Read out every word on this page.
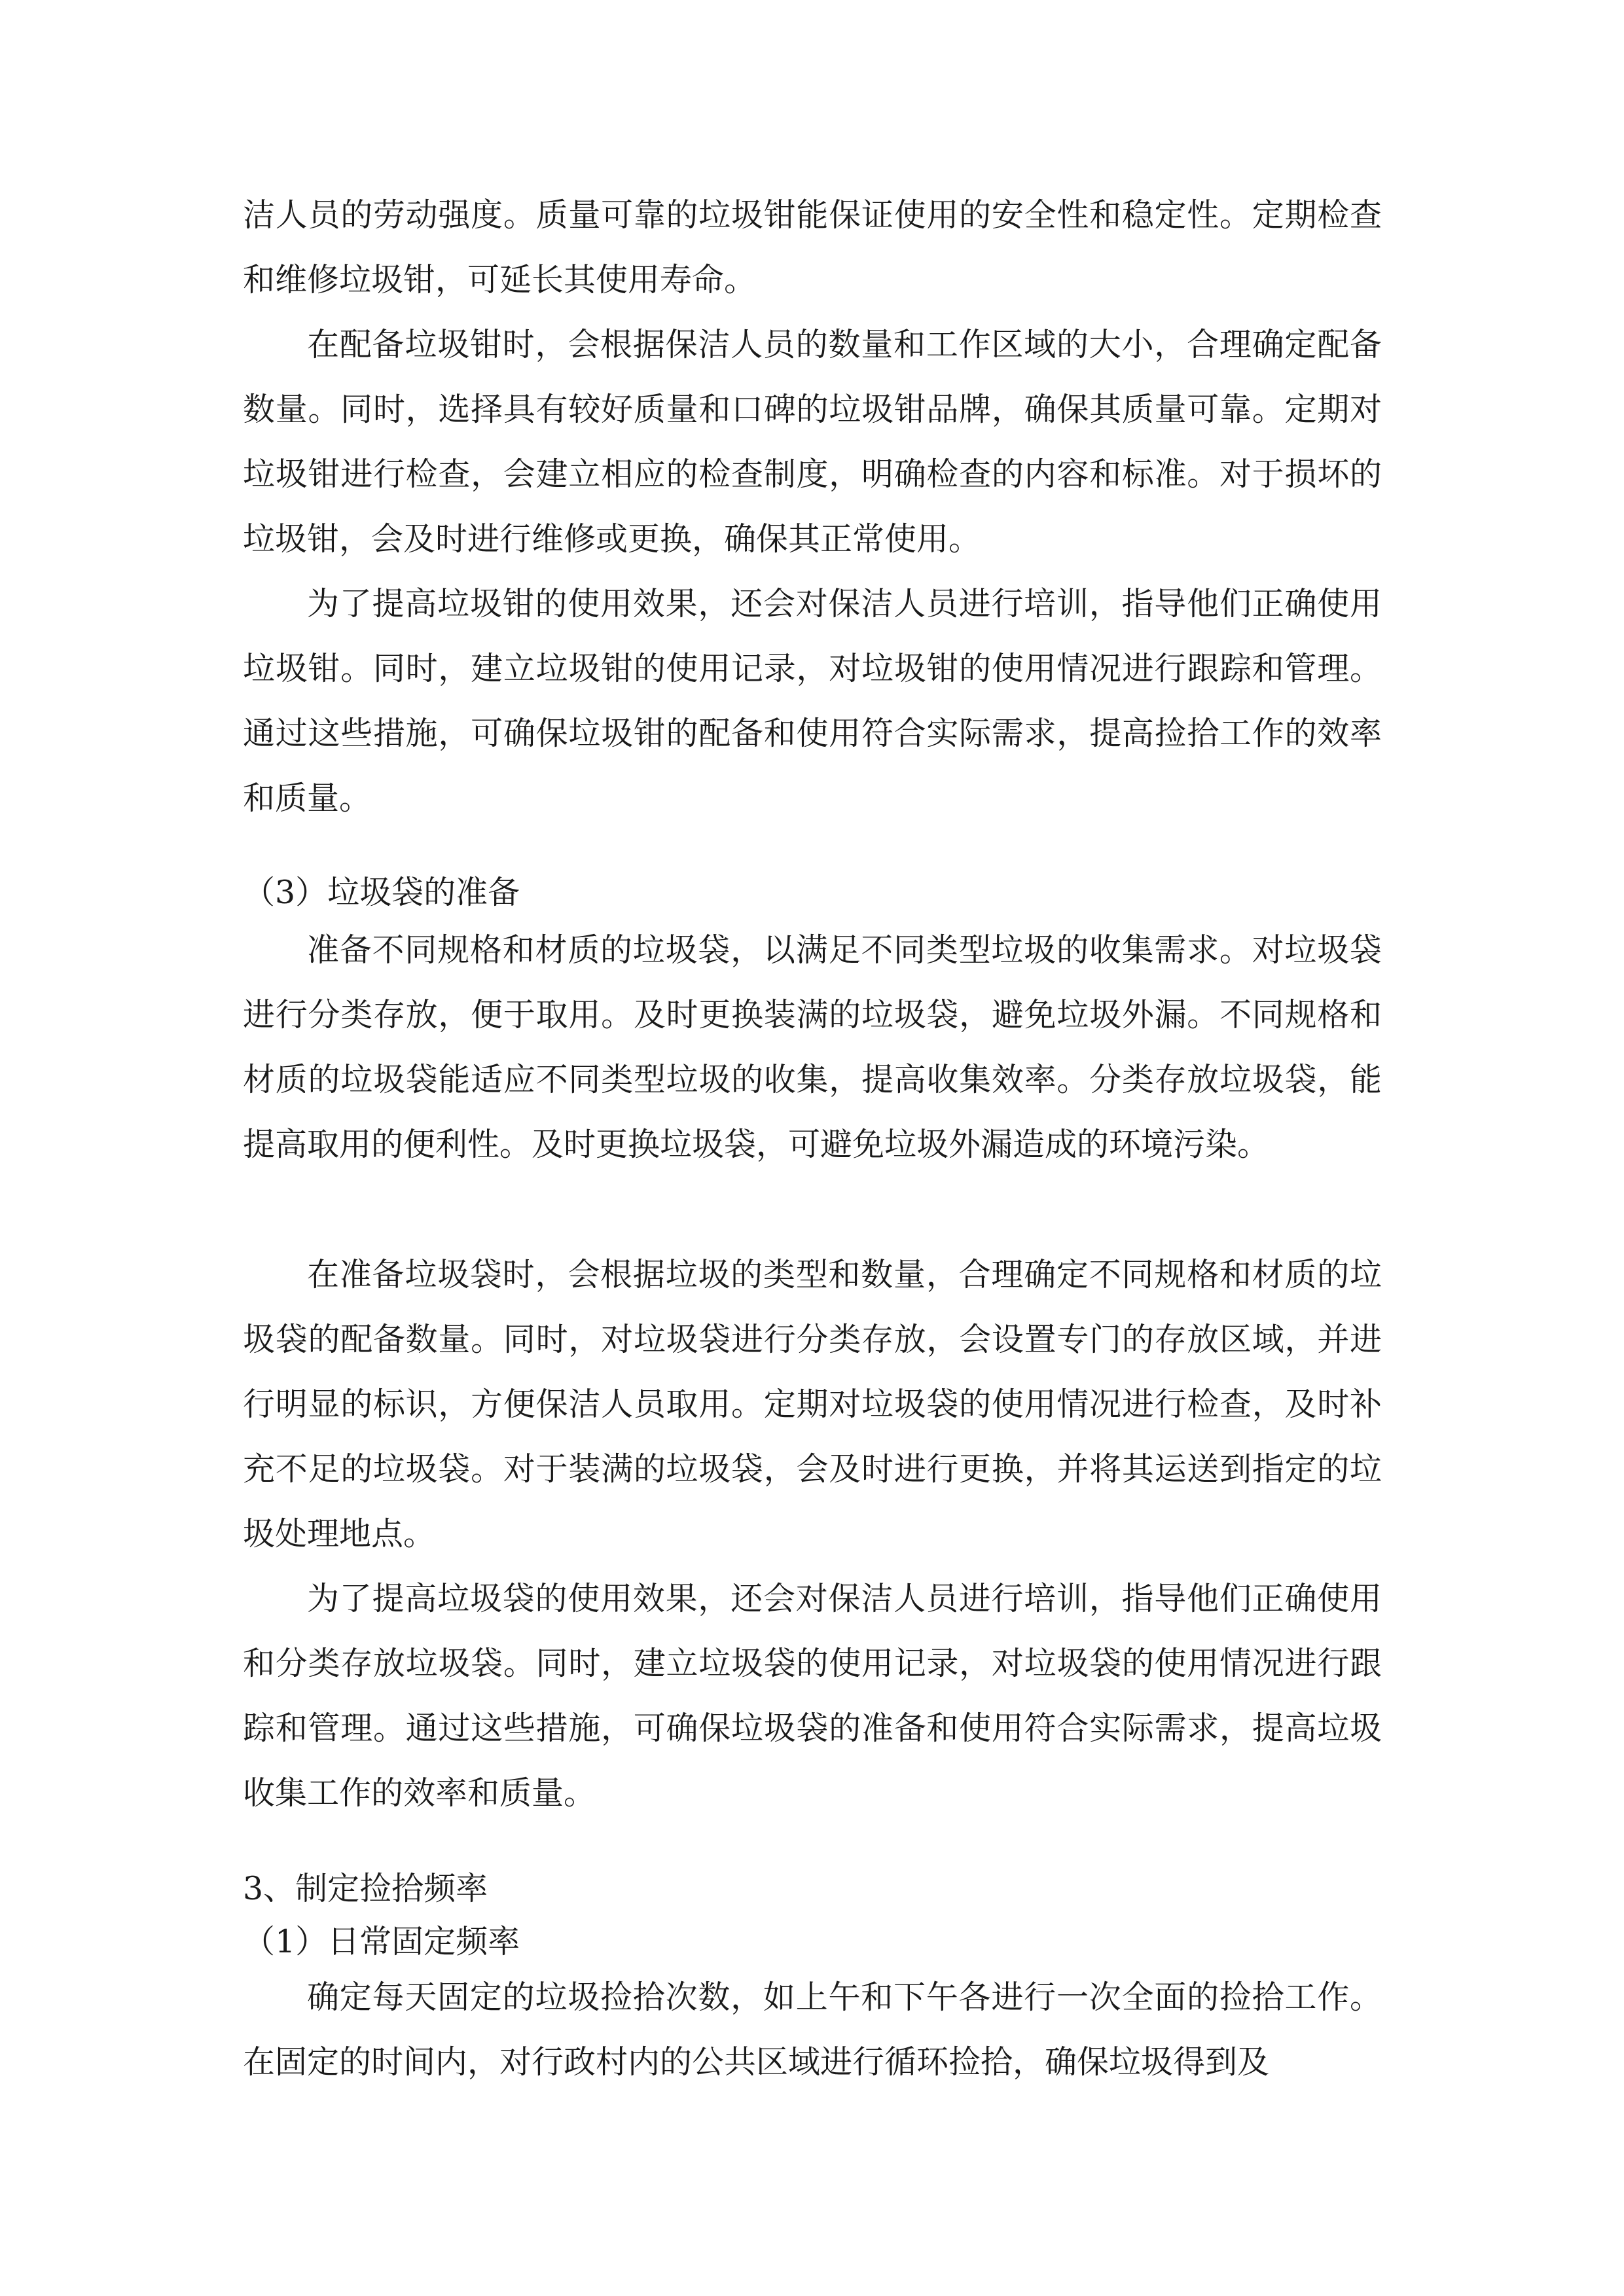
洁人员的劳动强度。质量可靠的垃圾钳能保证使用的安全性和稳定性。定期检查和维修垃圾钳，可延长其使用寿命。

在配备垃圾钳时，会根据保洁人员的数量和工作区域的大小，合理确定配备数量。同时，选择具有较好质量和口碑的垃圾钳品牌，确保其质量可靠。定期对垃圾钳进行检查，会建立相应的检查制度，明确检查的内容和标准。对于损坏的垃圾钳，会及时进行维修或更换，确保其正常使用。

为了提高垃圾钳的使用效果，还会对保洁人员进行培训，指导他们正确使用垃圾钳。同时，建立垃圾钳的使用记录，对垃圾钳的使用情况进行跟踪和管理。通过这些措施，可确保垃圾钳的配备和使用符合实际需求，提高捡拾工作的效率和质量。

（3）垃圾袋的准备

准备不同规格和材质的垃圾袋，以满足不同类型垃圾的收集需求。对垃圾袋进行分类存放，便于取用。及时更换装满的垃圾袋，避免垃圾外漏。不同规格和材质的垃圾袋能适应不同类型垃圾的收集，提高收集效率。分类存放垃圾袋，能提高取用的便利性。及时更换垃圾袋，可避免垃圾外漏造成的环境污染。

在准备垃圾袋时，会根据垃圾的类型和数量，合理确定不同规格和材质的垃圾袋的配备数量。同时，对垃圾袋进行分类存放，会设置专门的存放区域，并进行明显的标识，方便保洁人员取用。定期对垃圾袋的使用情况进行检查，及时补充不足的垃圾袋。对于装满的垃圾袋，会及时进行更换，并将其运送到指定的垃圾处理地点。

为了提高垃圾袋的使用效果，还会对保洁人员进行培训，指导他们正确使用和分类存放垃圾袋。同时，建立垃圾袋的使用记录，对垃圾袋的使用情况进行跟踪和管理。通过这些措施，可确保垃圾袋的准备和使用符合实际需求，提高垃圾收集工作的效率和质量。

3、制定捡拾频率

（1）日常固定频率

确定每天固定的垃圾捡拾次数，如上午和下午各进行一次全面的捡拾工作。在固定的时间内，对行政村内的公共区域进行循环捡拾，确保垃圾得到及
